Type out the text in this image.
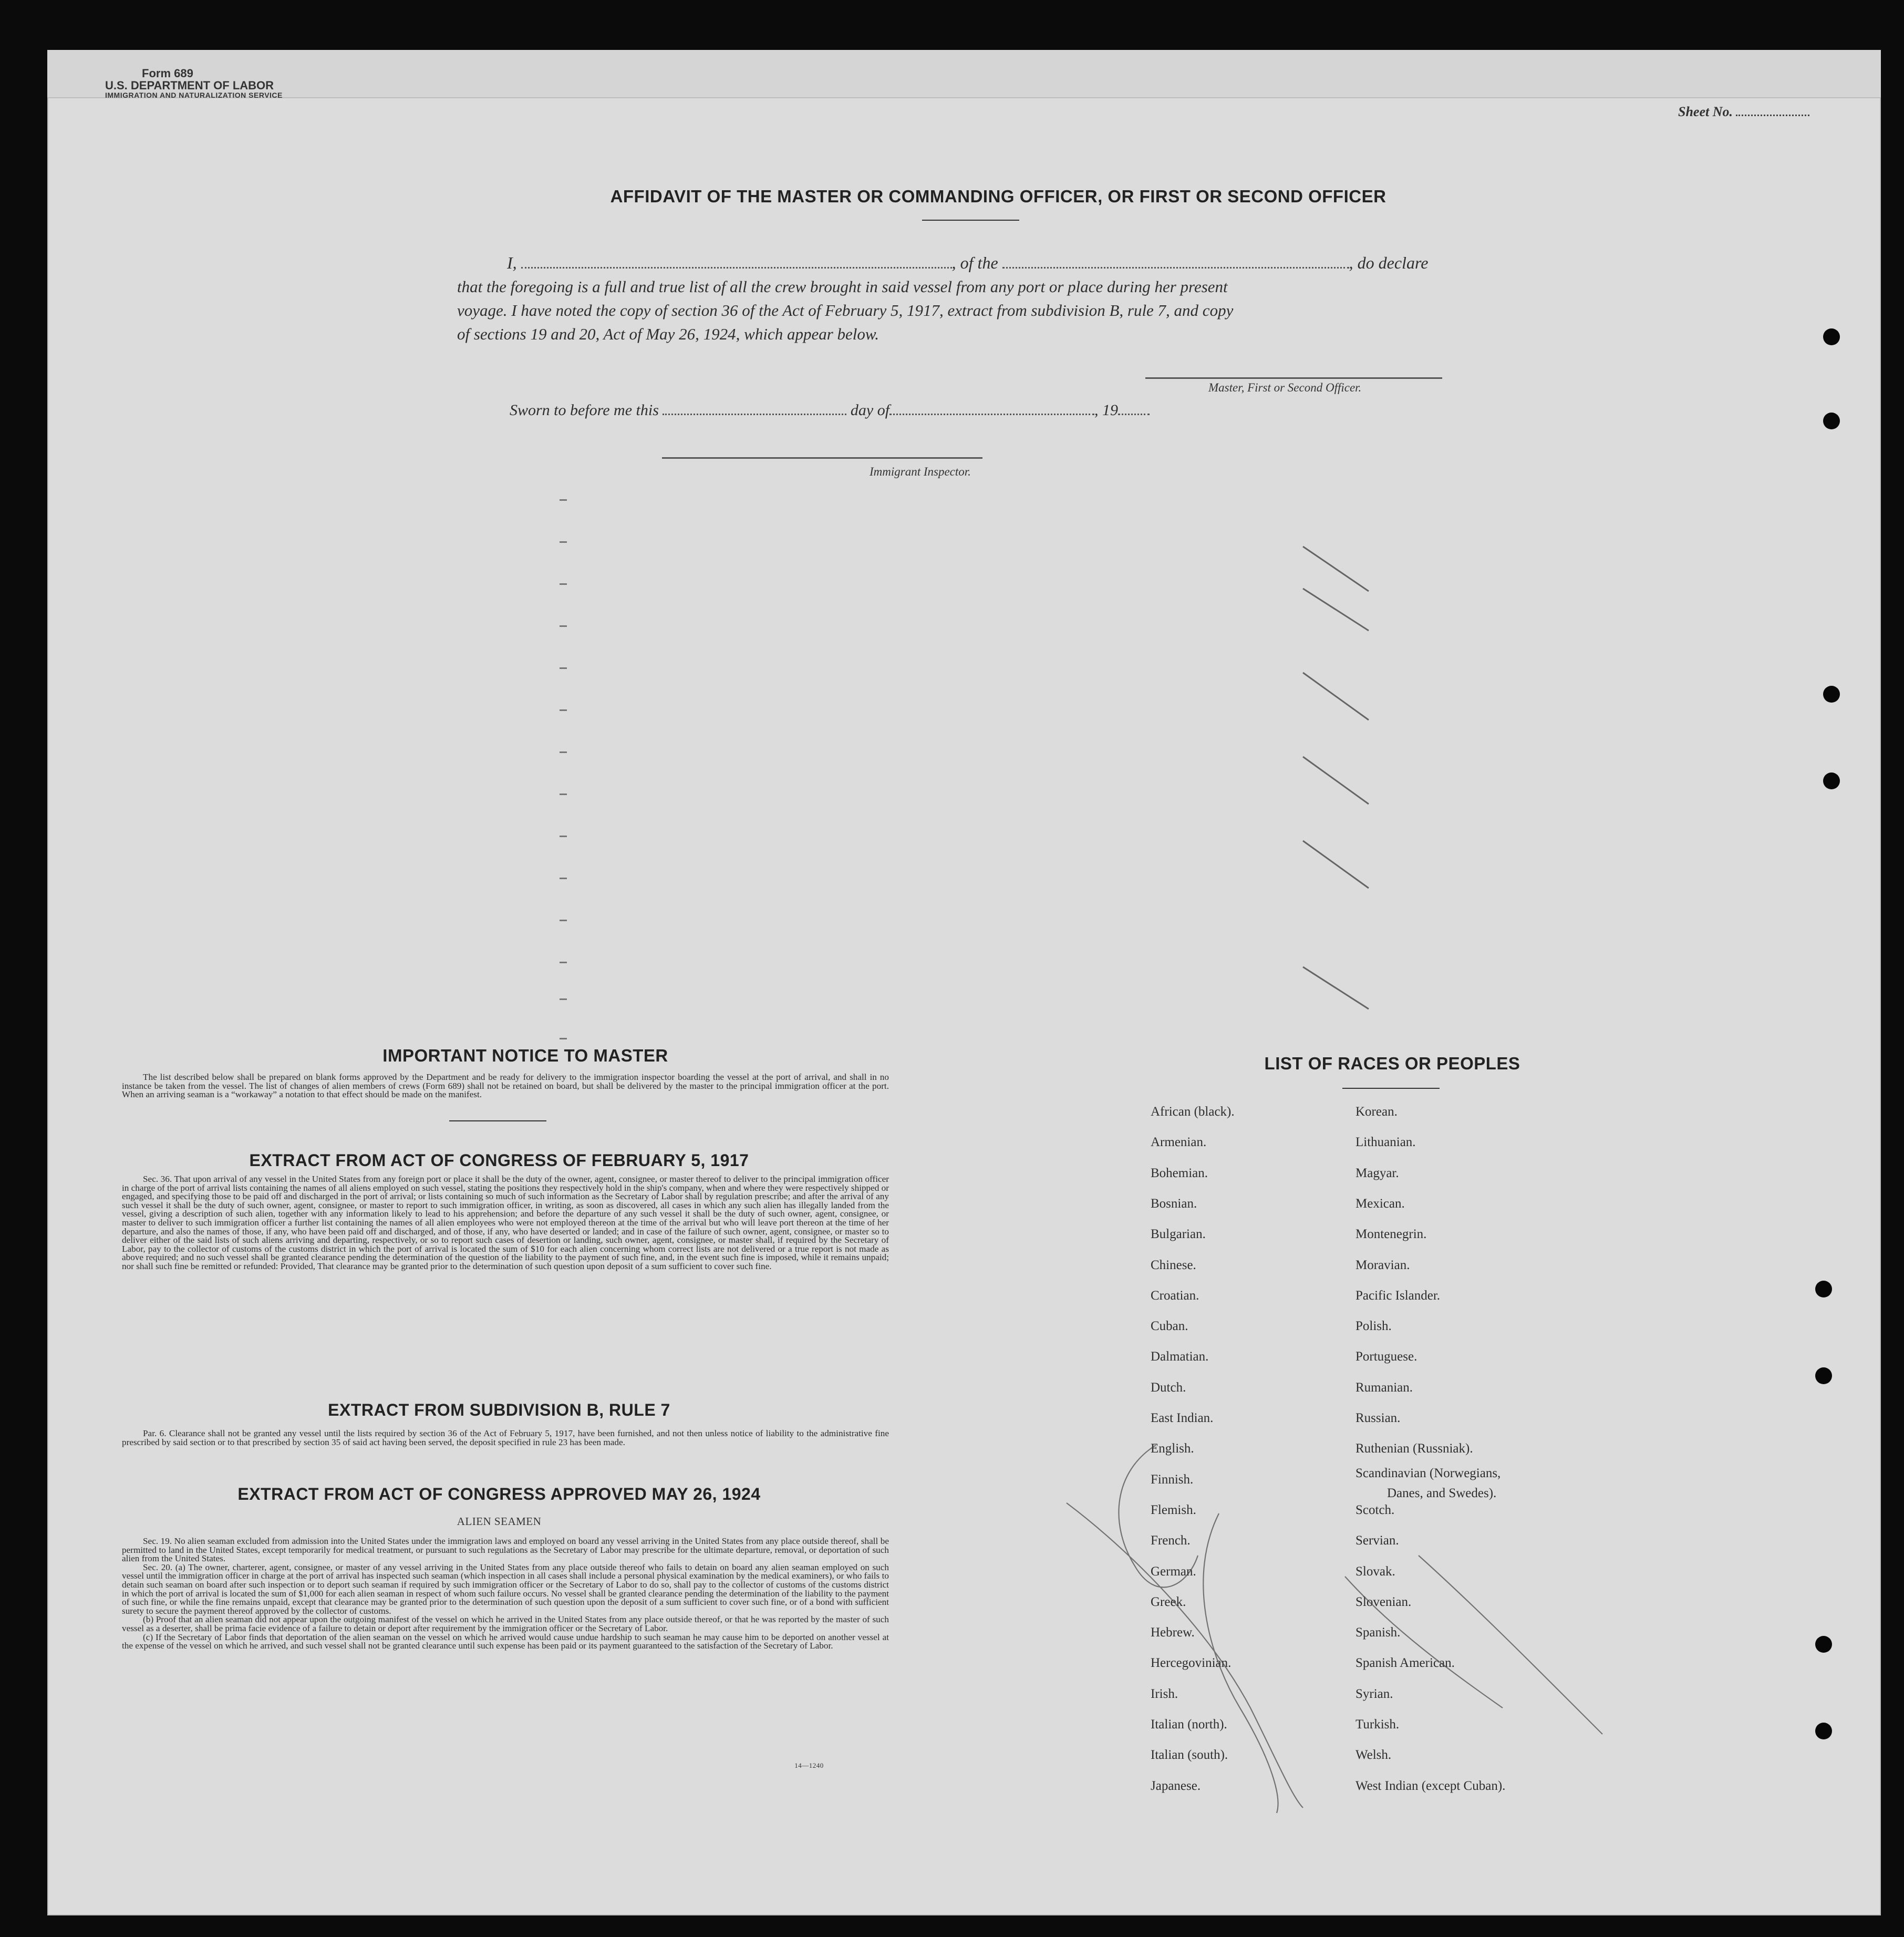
Form 689
U.S. DEPARTMENT OF LABOR
IMMIGRATION AND NATURALIZATION SERVICE
Sheet No.
AFFIDAVIT OF THE MASTER OR COMMANDING OFFICER, OR FIRST OR SECOND OFFICER
I,	, of the	, do declare
that the foregoing is a full and true list of all the crew brought in said vessel from any port or place during her present
voyage. I have noted the copy of section 36 of the Act of February 5, 1917, extract from subdivision B, rule 7, and copy
of sections 19 and 20, Act of May 26, 1924, which appear below.
Master, First or Second Officer.
Sworn to before me this	day of	, 19
Immigrant Inspector.
IMPORTANT NOTICE TO MASTER

The list described below shall be prepared on blank forms approved by the Department and be ready for delivery to the immigration inspector boarding the vessel at the port of arrival, and shall in no instance be taken from the vessel. The list of changes of alien members of crews (Form 689) shall not be retained on board, but shall be delivered by the master to the principal immigration officer at the port. When an arriving seaman is a “workaway” a notation to that effect should be made on the manifest.

EXTRACT FROM ACT OF CONGRESS OF FEBRUARY 5, 1917

Sec. 36. That upon arrival of any vessel in the United States from any foreign port or place it shall be the duty of the owner, agent, consignee, or master thereof to deliver to the principal immigration officer in charge of the port of arrival lists containing the names of all aliens employed on such vessel, stating the positions they respectively hold in the ship's company, when and where they were respectively shipped or engaged, and specifying those to be paid off and discharged in the port of arrival; or lists containing so much of such information as the Secretary of Labor shall by regulation prescribe; and after the arrival of any such vessel it shall be the duty of such owner, agent, consignee, or master to report to such immigration officer, in writing, as soon as discovered, all cases in which any such alien has illegally landed from the vessel, giving a description of such alien, together with any information likely to lead to his apprehension; and before the departure of any such vessel it shall be the duty of such owner, agent, consignee, or master to deliver to such immigration officer a further list containing the names of all alien employees who were not employed thereon at the time of the arrival but who will leave port thereon at the time of her departure, and also the names of those, if any, who have been paid off and discharged, and of those, if any, who have deserted or landed; and in case of the failure of such owner, agent, consignee, or master so to deliver either of the said lists of such aliens arriving and departing, respectively, or so to report such cases of desertion or landing, such owner, agent, consignee, or master shall, if required by the Secretary of Labor, pay to the collector of customs of the customs district in which the port of arrival is located the sum of $10 for each alien concerning whom correct lists are not delivered or a true report is not made as above required; and no such vessel shall be granted clearance pending the determination of the question of the liability to the payment of such fine, and, in the event such fine is imposed, while it remains unpaid; nor shall such fine be remitted or refunded: Provided, That clearance may be granted prior to the determination of such question upon deposit of a sum sufficient to cover such fine.

EXTRACT FROM SUBDIVISION B, RULE 7

Par. 6. Clearance shall not be granted any vessel until the lists required by section 36 of the Act of February 5, 1917, have been furnished, and not then unless notice of liability to the administrative fine prescribed by said section or to that prescribed by section 35 of said act having been served, the deposit specified in rule 23 has been made.

EXTRACT FROM ACT OF CONGRESS APPROVED MAY 26, 1924
ALIEN SEAMEN

Sec. 19. No alien seaman excluded from admission into the United States under the immigration laws and employed on board any vessel arriving in the United States from any place outside thereof, shall be permitted to land in the United States, except temporarily for medical treatment, or pursuant to such regulations as the Secretary of Labor may prescribe for the ultimate departure, removal, or deportation of such alien from the United States.

Sec. 20. (a) The owner, charterer, agent, consignee, or master of any vessel arriving in the United States from any place outside thereof who fails to detain on board any alien seaman employed on such vessel until the immigration officer in charge at the port of arrival has inspected such seaman (which inspection in all cases shall include a personal physical examination by the medical examiners), or who fails to detain such seaman on board after such inspection or to deport such seaman if required by such immigration officer or the Secretary of Labor to do so, shall pay to the collector of customs of the customs district in which the port of arrival is located the sum of $1,000 for each alien seaman in respect of whom such failure occurs. No vessel shall be granted clearance pending the determination of the liability to the payment of such fine, or while the fine remains unpaid, except that clearance may be granted prior to the determination of such question upon the deposit of a sum sufficient to cover such fine, or of a bond with sufficient surety to secure the payment thereof approved by the collector of customs.

(b) Proof that an alien seaman did not appear upon the outgoing manifest of the vessel on which he arrived in the United States from any place outside thereof, or that he was reported by the master of such vessel as a deserter, shall be prima facie evidence of a failure to detain or deport after requirement by the immigration officer or the Secretary of Labor.

(c) If the Secretary of Labor finds that deportation of the alien seaman on the vessel on which he arrived would cause undue hardship to such seaman he may cause him to be deported on another vessel at the expense of the vessel on which he arrived, and such vessel shall not be granted clearance until such expense has been paid or its payment guaranteed to the satisfaction of the Secretary of Labor.

14—1240
LIST OF RACES OR PEOPLES
African (black).
Armenian.
Bohemian.
Bosnian.
Bulgarian.
Chinese.
Croatian.
Cuban.
Dalmatian.
Dutch.
East Indian.
English.
Finnish.
Flemish.
French.
German.
Greek.
Hebrew.
Hercegovinian.
Irish.
Italian (north).
Italian (south).
Japanese.
Korean.
Lithuanian.
Magyar.
Mexican.
Montenegrin.
Moravian.
Pacific Islander.
Polish.
Portuguese.
Rumanian.
Russian.
Ruthenian (Russniak).
Scandinavian (Norwegians,
Danes, and Swedes).
Scotch.
Servian.
Slovak.
Slovenian.
Spanish.
Spanish American.
Syrian.
Turkish.
Welsh.
West Indian (except Cuban).
